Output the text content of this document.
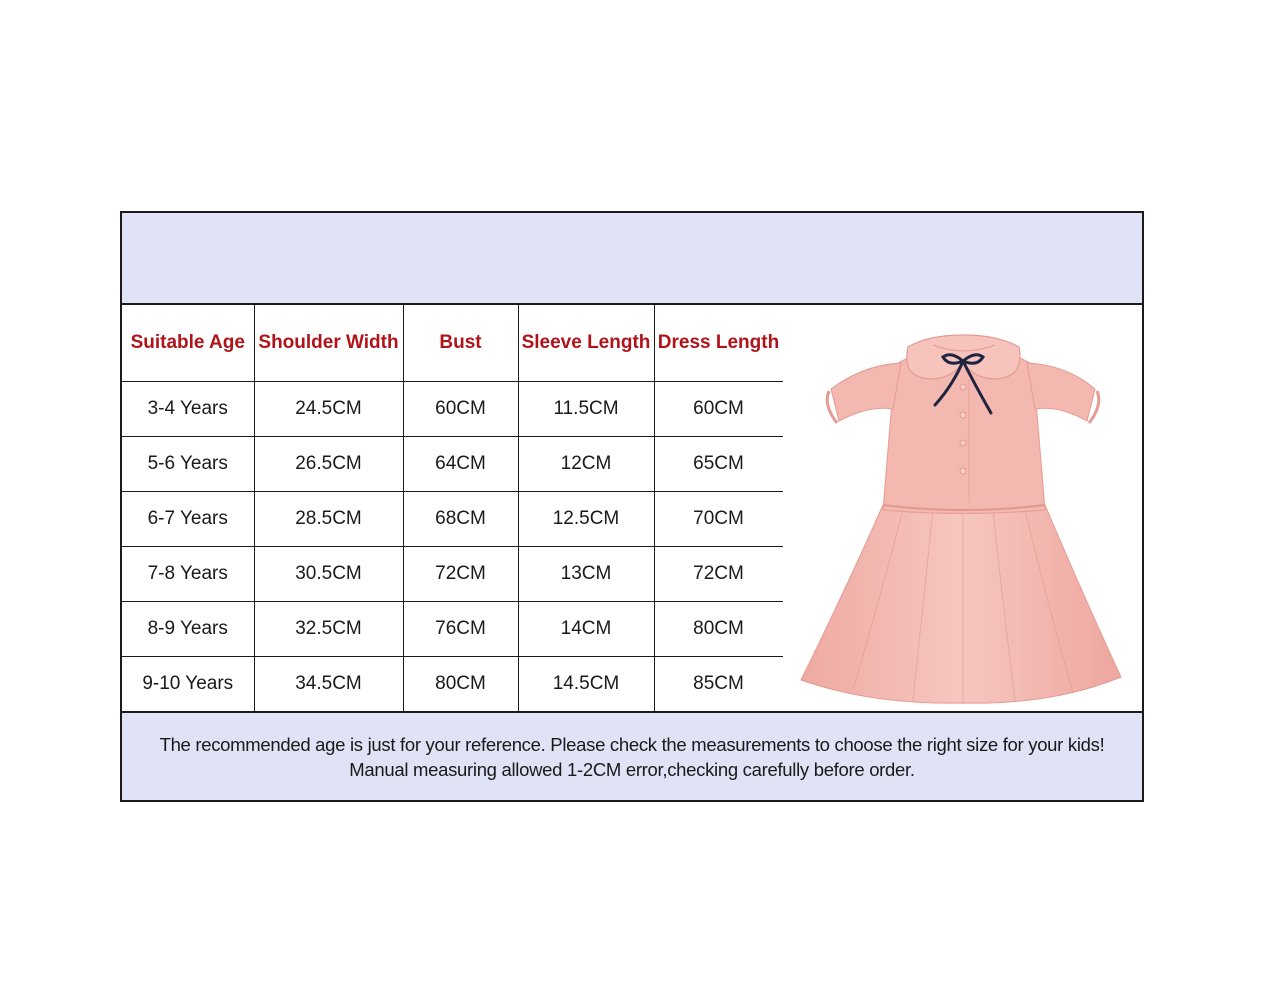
Suitable Age	Shoulder Width	Bust	Sleeve Length	Dress Length
3-4 Years	24.5CM	60CM	11.5CM	60CM
5-6 Years	26.5CM	64CM	12CM	65CM
6-7 Years	28.5CM	68CM	12.5CM	70CM
7-8 Years	30.5CM	72CM	13CM	72CM
8-9 Years	32.5CM	76CM	14CM	80CM
9-10 Years	34.5CM	80CM	14.5CM	85CM
The recommended age is just for your reference. Please check the measurements to choose the right size for your kids!
Manual measuring allowed 1-2CM error,checking carefully before order.
